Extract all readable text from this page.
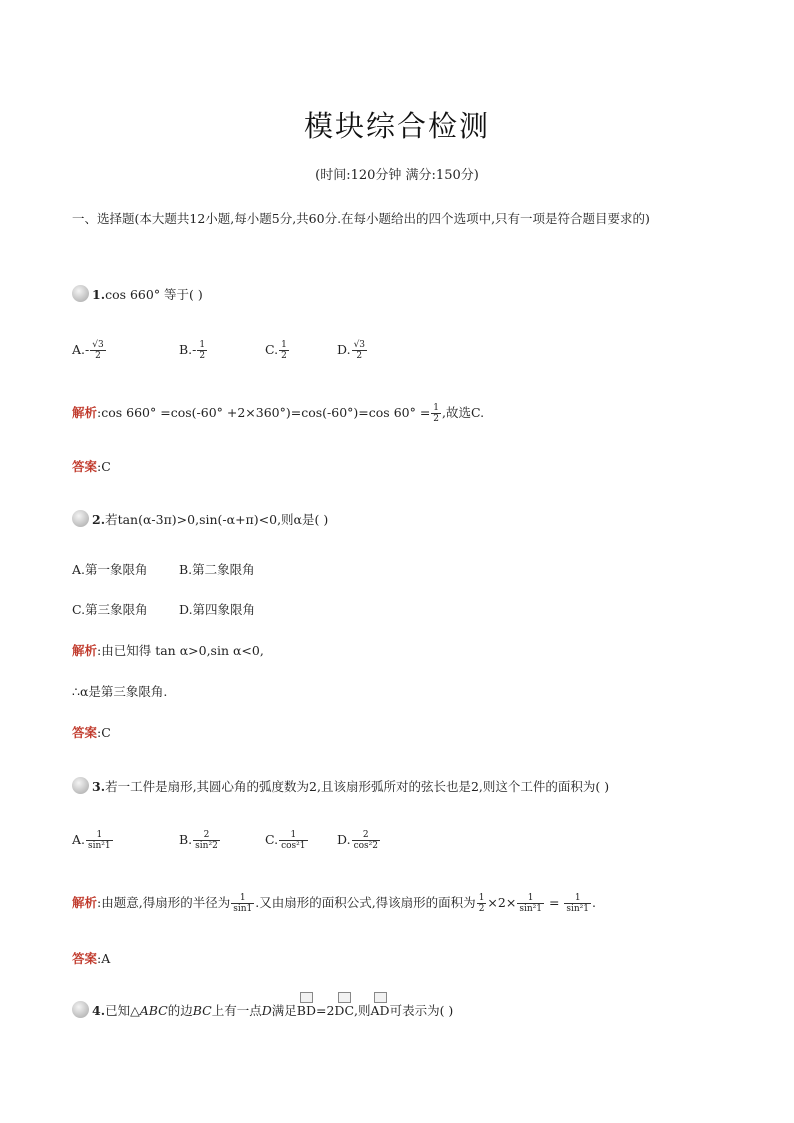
模块综合检测
(时间:120分钟 满分:150分)
一、选择题(本大题共12小题,每小题5分,共60分.在每小题给出的四个选项中,只有一项是符合题目要求的)
1.cos 660° 等于( )
$A.- \frac{√3}{2}$	$B.- \frac{1}{2}$	C. $\frac{1}{2}$	D. $\frac{√3}{2}$
解析:cos 660° =cos(-60° +2×360°)=cos(-60°)=cos $60^\circ = \frac{1}{2}$ ,故选C.
答案:C
2.若tan(α-3π)>0,sin(-α+π)<0,则α是( )
A.第一象限角	B.第二象限角
C.第三象限角	D.第四象限角
解析:由已知得 tan α>0,sin α<0,
∴α是第三象限角.
答案:C
3.若一工件是扇形,其圆心角的弧度数为2,且该扇形弧所对的弦长也是2,则这个工件的面积为( )
A. $\frac{1}{\text{sin²1}}$	B. $\frac{2}{\text{sin²2}}$	C. $\frac{1}{\text{cos²1}} D$. $\frac{2}{\text{cos²2}}$
解析:由题意,得扇形的半径为 $\frac{1}{\sin 1}$ .又由扇形的面积公式,得该扇形的面积为 $\frac{1}{2} \times 2\times \frac{1}{\text{sin²1}} = \frac{1}{\text{sin²1}}$ .
答案:A
4.已知△ABC的边BC上有一点D满足
BD=2
DC,则
AD可表示为( )
